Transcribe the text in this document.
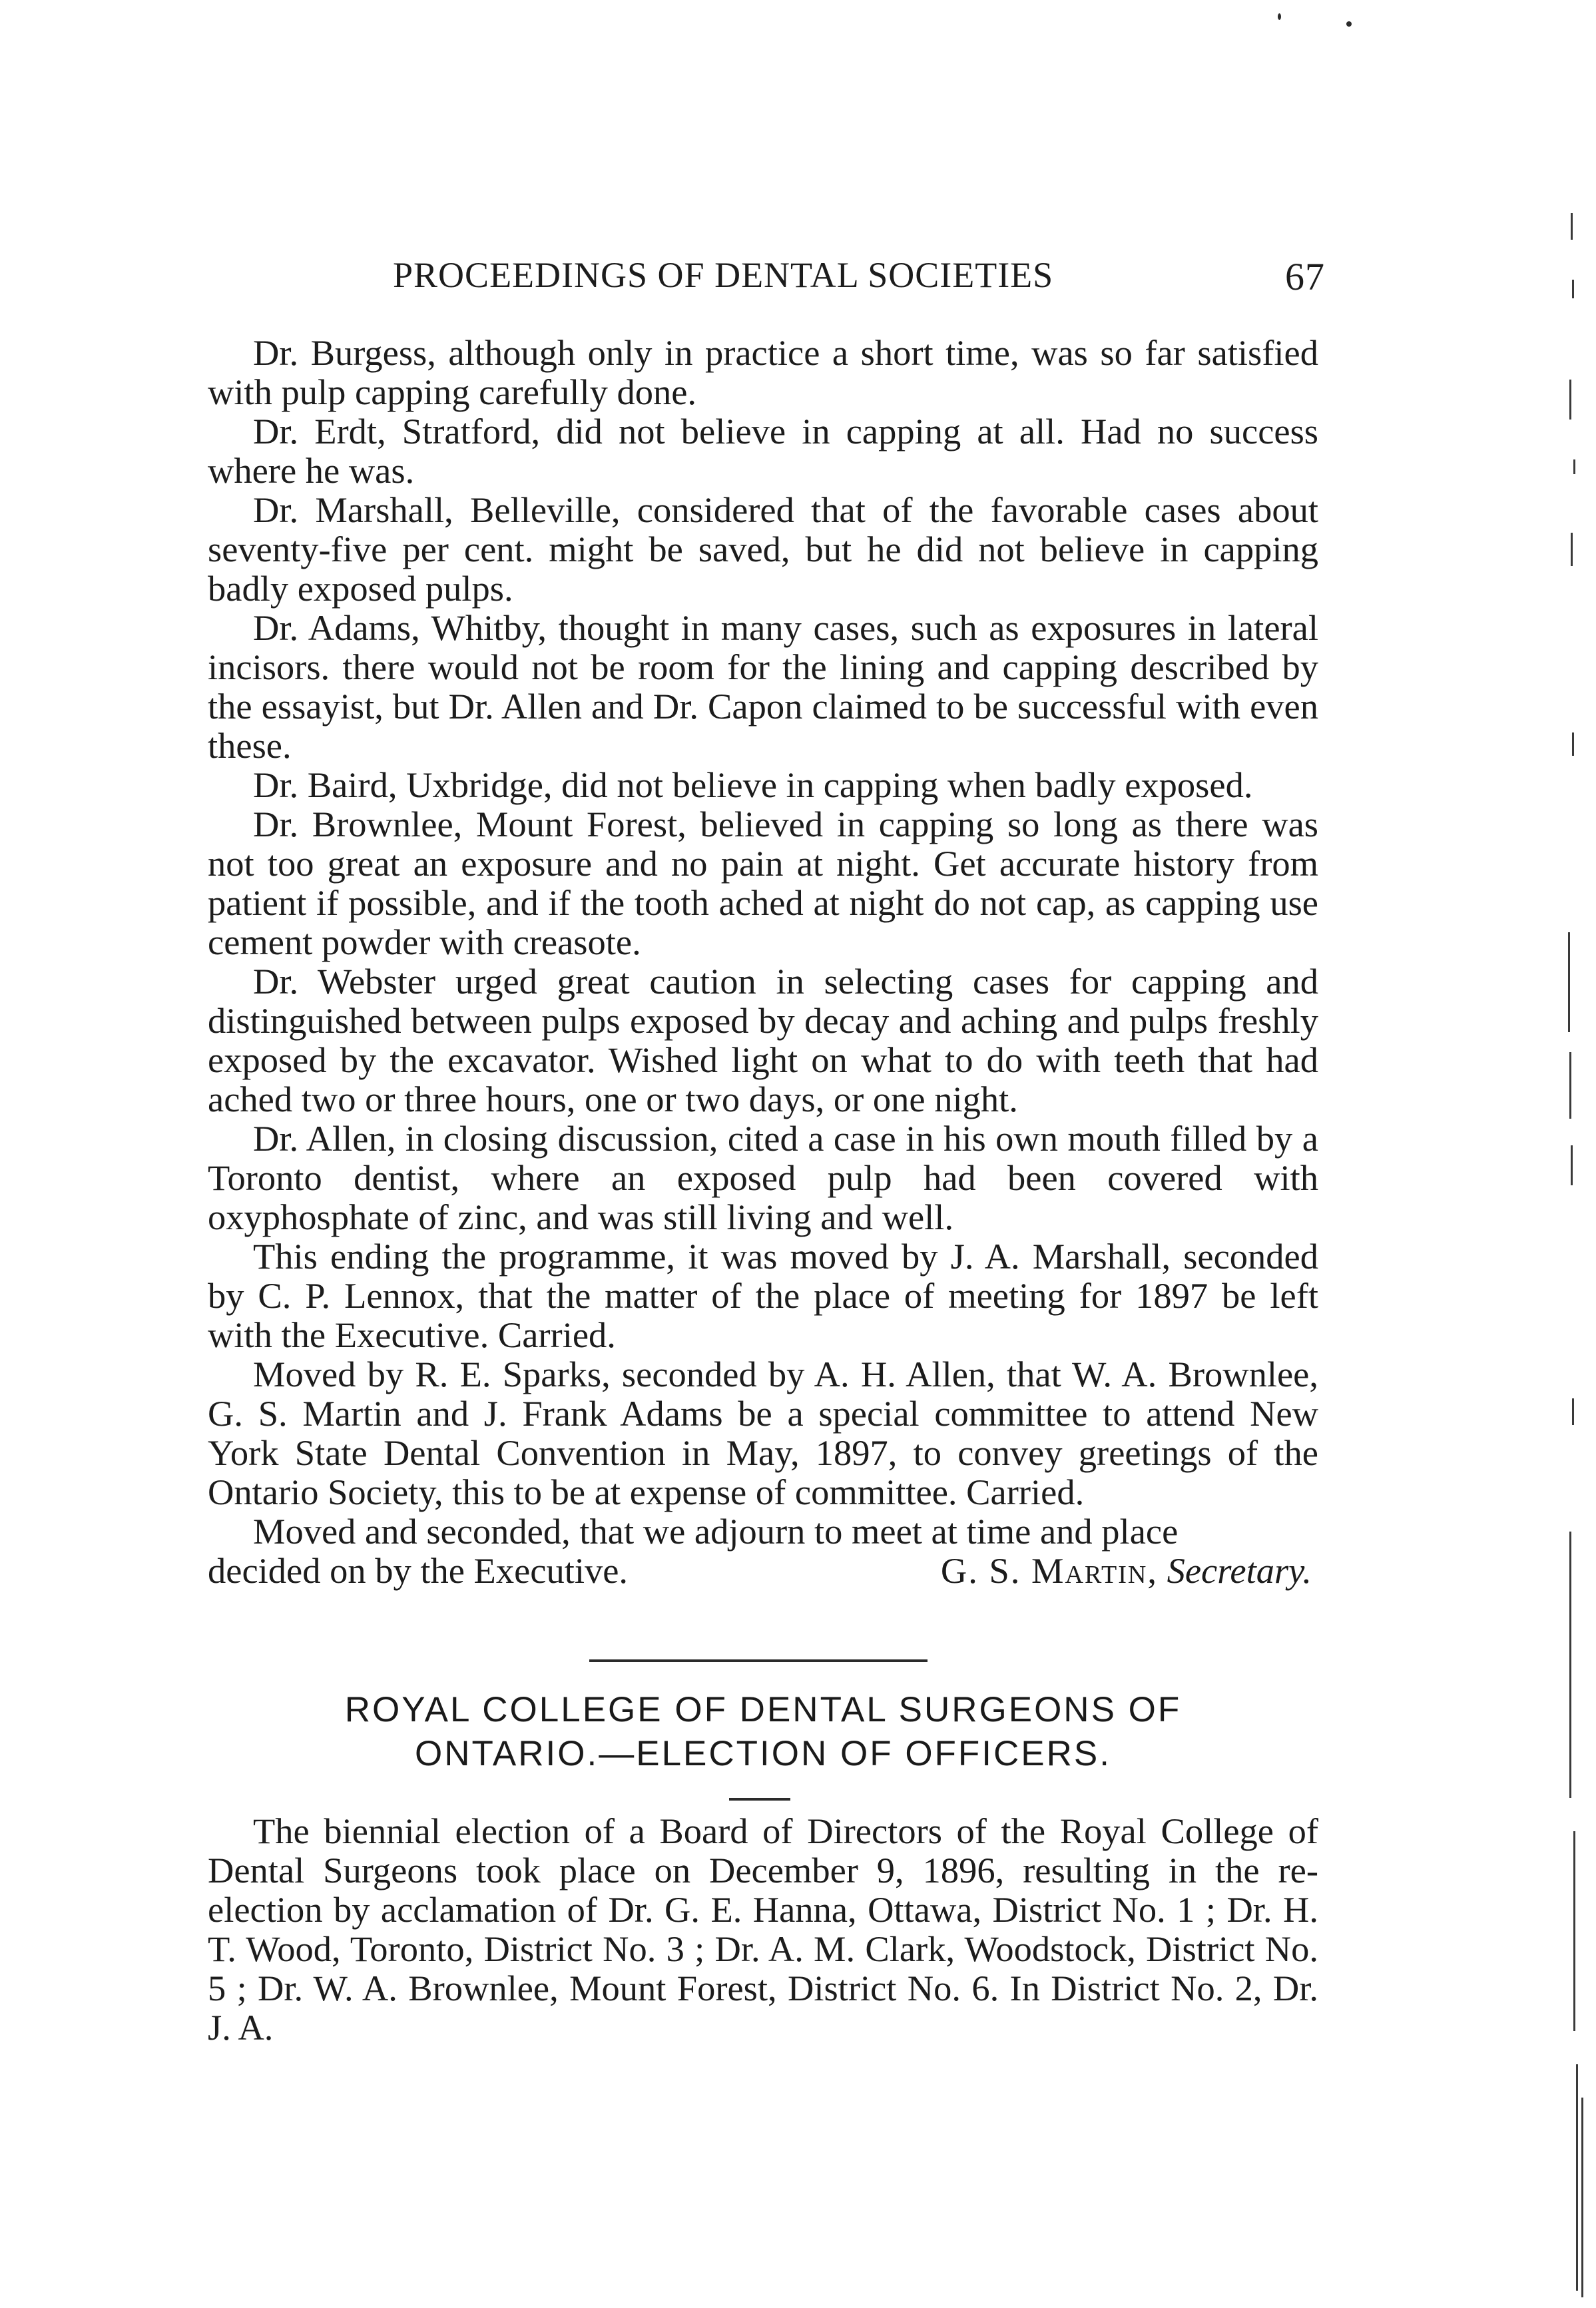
PROCEEDINGS OF DENTAL SOCIETIES	67

Dr. Burgess, although only in practice a short time, was so far satisfied with pulp capping carefully done.

Dr. Erdt, Stratford, did not believe in capping at all. Had no success where he was.

Dr. Marshall, Belleville, considered that of the favorable cases about seventy-five per cent. might be saved, but he did not believe in capping badly exposed pulps.

Dr. Adams, Whitby, thought in many cases, such as exposures in lateral incisors. there would not be room for the lining and capping described by the essayist, but Dr. Allen and Dr. Capon claimed to be successful with even these.

Dr. Baird, Uxbridge, did not believe in capping when badly exposed.

Dr. Brownlee, Mount Forest, believed in capping so long as there was not too great an exposure and no pain at night. Get accurate history from patient if possible, and if the tooth ached at night do not cap, as capping use cement powder with creasote.

Dr. Webster urged great caution in selecting cases for capping and distinguished between pulps exposed by decay and aching and pulps freshly exposed by the excavator. Wished light on what to do with teeth that had ached two or three hours, one or two days, or one night.

Dr. Allen, in closing discussion, cited a case in his own mouth filled by a Toronto dentist, where an exposed pulp had been covered with oxyphosphate of zinc, and was still living and well.

This ending the programme, it was moved by J. A. Marshall, seconded by C. P. Lennox, that the matter of the place of meeting for 1897 be left with the Executive. Carried.

Moved by R. E. Sparks, seconded by A. H. Allen, that W. A. Brownlee, G. S. Martin and J. Frank Adams be a special committee to attend New York State Dental Convention in May, 1897, to convey greetings of the Ontario Society, this to be at expense of committee. Carried.

Moved and seconded, that we adjourn to meet at time and place

decided on by the Executive.	G. S. Martin, Secretary.
ROYAL COLLEGE OF DENTAL SURGEONS OF
ONTARIO.—ELECTION OF OFFICERS.

The biennial election of a Board of Directors of the Royal College of Dental Surgeons took place on December 9, 1896, resulting in the re-election by acclamation of Dr. G. E. Hanna, Ottawa, District No. 1 ; Dr. H. T. Wood, Toronto, District No. 3 ; Dr. A. M. Clark, Woodstock, District No. 5 ; Dr. W. A. Brownlee, Mount Forest, District No. 6. In District No. 2, Dr. J. A.
